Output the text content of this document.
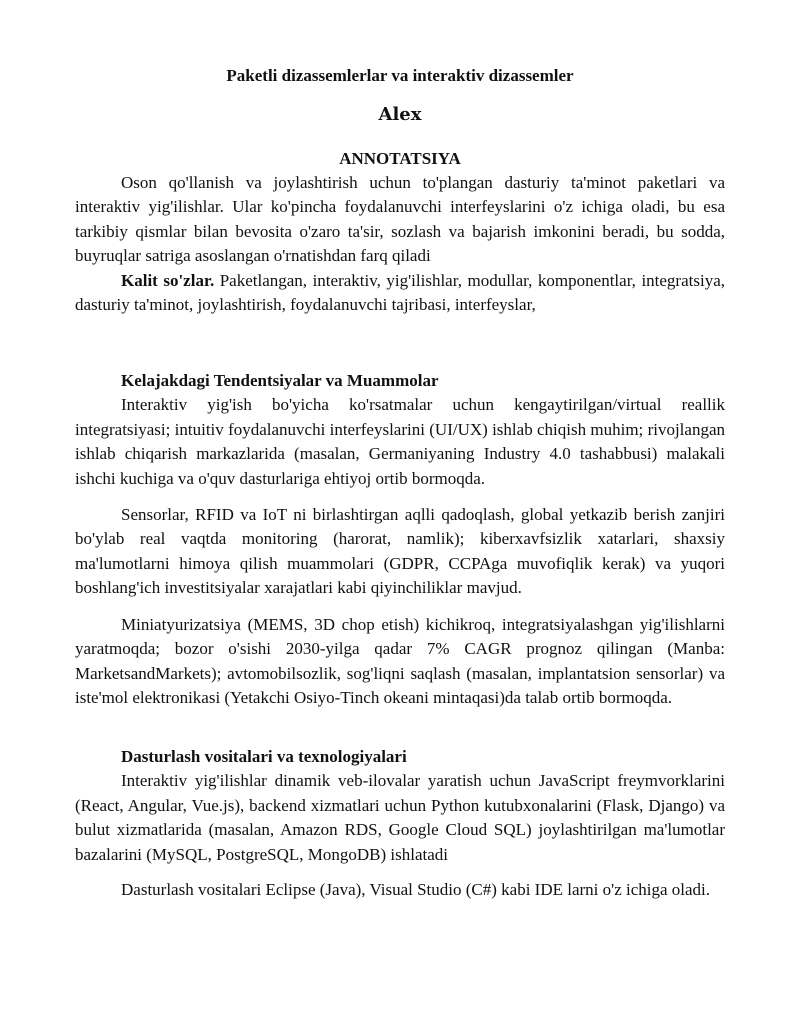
Paketli dizassemlerlar va interaktiv dizassemler
Alex
ANNOTATSIYA

Oson qo'llanish va joylashtirish uchun to'plangan dasturiy ta'minot paketlari va interaktiv yig'ilishlar. Ular ko'pincha foydalanuvchi interfeyslarini o'z ichiga oladi, bu esa tarkibiy qismlar bilan bevosita o'zaro ta'sir, sozlash va bajarish imkonini beradi, bu sodda, buyruqlar satriga asoslangan o'rnatishdan farq qiladi

Kalit so'zlar. Paketlangan, interaktiv, yig'ilishlar, modullar, komponentlar, integratsiya, dasturiy ta'minot, joylashtirish, foydalanuvchi tajribasi, interfeyslar,

Kelajakdagi Tendentsiyalar va Muammolar

Interaktiv yig'ish bo'yicha ko'rsatmalar uchun kengaytirilgan/virtual reallik integratsiyasi; intuitiv foydalanuvchi interfeyslarini (UI/UX) ishlab chiqish muhim; rivojlangan ishlab chiqarish markazlarida (masalan, Germaniyaning Industry 4.0 tashabbusi) malakali ishchi kuchiga va o'quv dasturlariga ehtiyoj ortib bormoqda.

Sensorlar, RFID va IoT ni birlashtirgan aqlli qadoqlash, global yetkazib berish zanjiri bo'ylab real vaqtda monitoring (harorat, namlik); kiberxavfsizlik xatarlari, shaxsiy ma'lumotlarni himoya qilish muammolari (GDPR, CCPAga muvofiqlik kerak) va yuqori boshlang'ich investitsiyalar xarajatlari kabi qiyinchiliklar mavjud.

Miniatyurizatsiya (MEMS, 3D chop etish) kichikroq, integratsiyalashgan yig'ilishlarni yaratmoqda; bozor o'sishi 2030-yilga qadar 7% CAGR prognoz qilingan (Manba: MarketsandMarkets); avtomobilsozlik, sog'liqni saqlash (masalan, implantatsion sensorlar) va iste'mol elektronikasi (Yetakchi Osiyo-Tinch okeani mintaqasi)da talab ortib bormoqda.

Dasturlash vositalari va texnologiyalari

Interaktiv yig'ilishlar dinamik veb-ilovalar yaratish uchun JavaScript freymvorklarini (React, Angular, Vue.js), backend xizmatlari uchun Python kutubxonalarini (Flask, Django) va bulut xizmatlarida (masalan, Amazon RDS, Google Cloud SQL) joylashtirilgan ma'lumotlar bazalarini (MySQL, PostgreSQL, MongoDB) ishlatadi

Dasturlash vositalari Eclipse (Java), Visual Studio (C#) kabi IDE larni o'z ichiga oladi.
